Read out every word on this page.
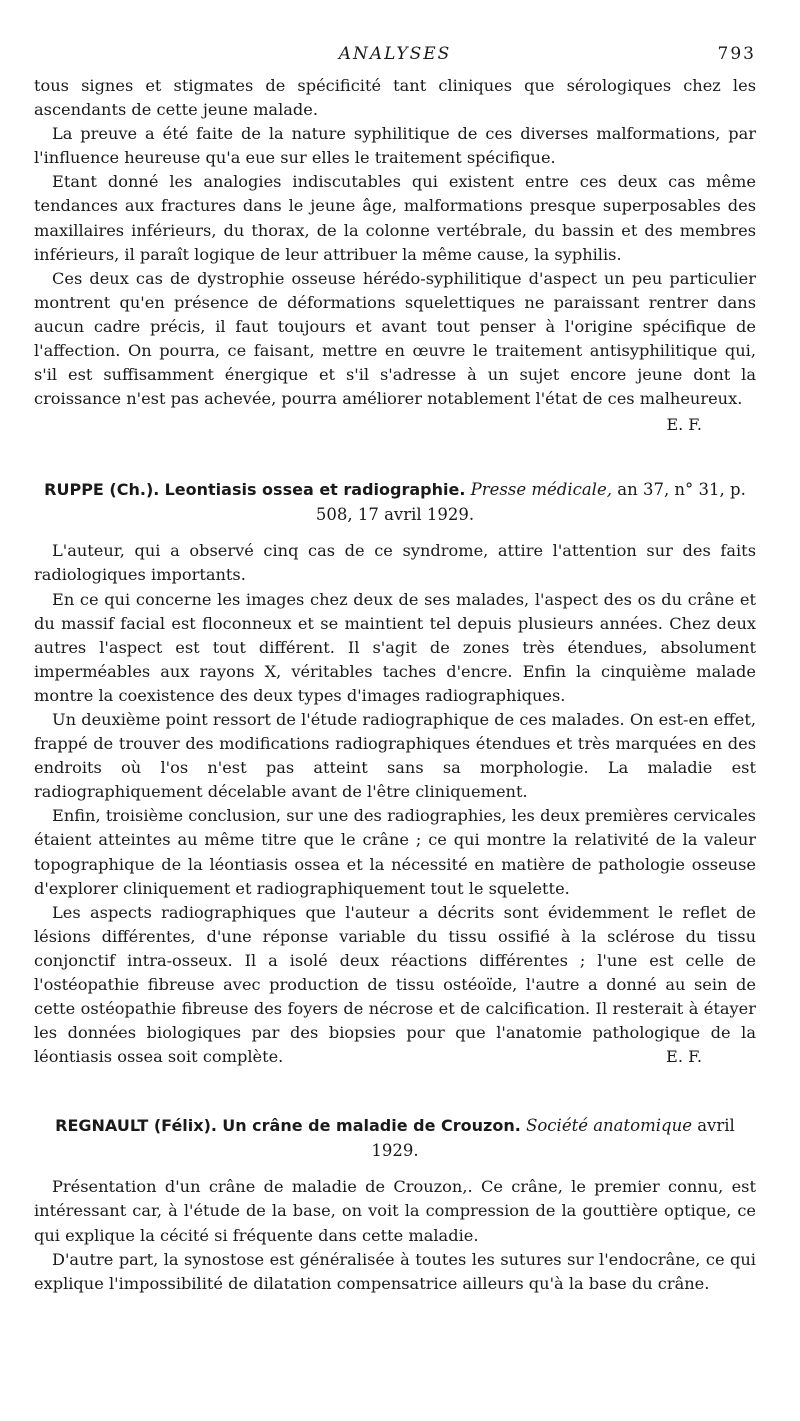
ANALYSES	793

tous signes et stigmates de spécificité tant cliniques que sérologiques chez les ascendants de cette jeune malade.

La preuve a été faite de la nature syphilitique de ces diverses malformations, par l'influence heureuse qu'a eue sur elles le traitement spécifique.

Etant donné les analogies indiscutables qui existent entre ces deux cas même tendances aux fractures dans le jeune âge, malformations presque superposables des maxillaires inférieurs, du thorax, de la colonne vertébrale, du bassin et des membres inférieurs, il paraît logique de leur attribuer la même cause, la syphilis.

Ces deux cas de dystrophie osseuse hérédo-syphilitique d'aspect un peu particulier montrent qu'en présence de déformations squelettiques ne paraissant rentrer dans aucun cadre précis, il faut toujours et avant tout penser à l'origine spécifique de l'affection. On pourra, ce faisant, mettre en œuvre le traitement antisyphilitique qui, s'il est suffisamment énergique et s'il s'adresse à un sujet encore jeune dont la croissance n'est pas achevée, pourra améliorer notablement l'état de ces malheureux.

E. F.
RUPPE (Ch.). Leontiasis ossea et radiographie. Presse médicale, an 37, n° 31, p. 508, 17 avril 1929.

L'auteur, qui a observé cinq cas de ce syndrome, attire l'attention sur des faits radiologiques importants.

En ce qui concerne les images chez deux de ses malades, l'aspect des os du crâne et du massif facial est floconneux et se maintient tel depuis plusieurs années. Chez deux autres l'aspect est tout différent. Il s'agit de zones très étendues, absolument imperméables aux rayons X, véritables taches d'encre. Enfin la cinquième malade montre la coexistence des deux types d'images radiographiques.

Un deuxième point ressort de l'étude radiographique de ces malades. On est-en effet, frappé de trouver des modifications radiographiques étendues et très marquées en des endroits où l'os n'est pas atteint sans sa morphologie. La maladie est radiographiquement décelable avant de l'être cliniquement.

Enfin, troisième conclusion, sur une des radiographies, les deux premières cervicales étaient atteintes au même titre que le crâne ; ce qui montre la relativité de la valeur topographique de la léontiasis ossea et la nécessité en matière de pathologie osseuse d'explorer cliniquement et radiographiquement tout le squelette.

Les aspects radiographiques que l'auteur a décrits sont évidemment le reflet de lésions différentes, d'une réponse variable du tissu ossifié à la sclérose du tissu conjonctif intra-osseux. Il a isolé deux réactions différentes ; l'une est celle de l'ostéopathie fibreuse avec production de tissu ostéoïde, l'autre a donné au sein de cette ostéopathie fibreuse des foyers de nécrose et de calcification. Il resterait à étayer les données biologiques par des biopsies pour que l'anatomie pathologique de la léontiasis ossea soit complète.	E. F.

REGNAULT (Félix). Un crâne de maladie de Crouzon. Société anatomique avril 1929.

Présentation d'un crâne de maladie de Crouzon,. Ce crâne, le premier connu, est intéressant car, à l'étude de la base, on voit la compression de la gouttière optique, ce qui explique la cécité si fréquente dans cette maladie.

D'autre part, la synostose est généralisée à toutes les sutures sur l'endocrâne, ce qui explique l'impossibilité de dilatation compensatrice ailleurs qu'à la base du crâne.
